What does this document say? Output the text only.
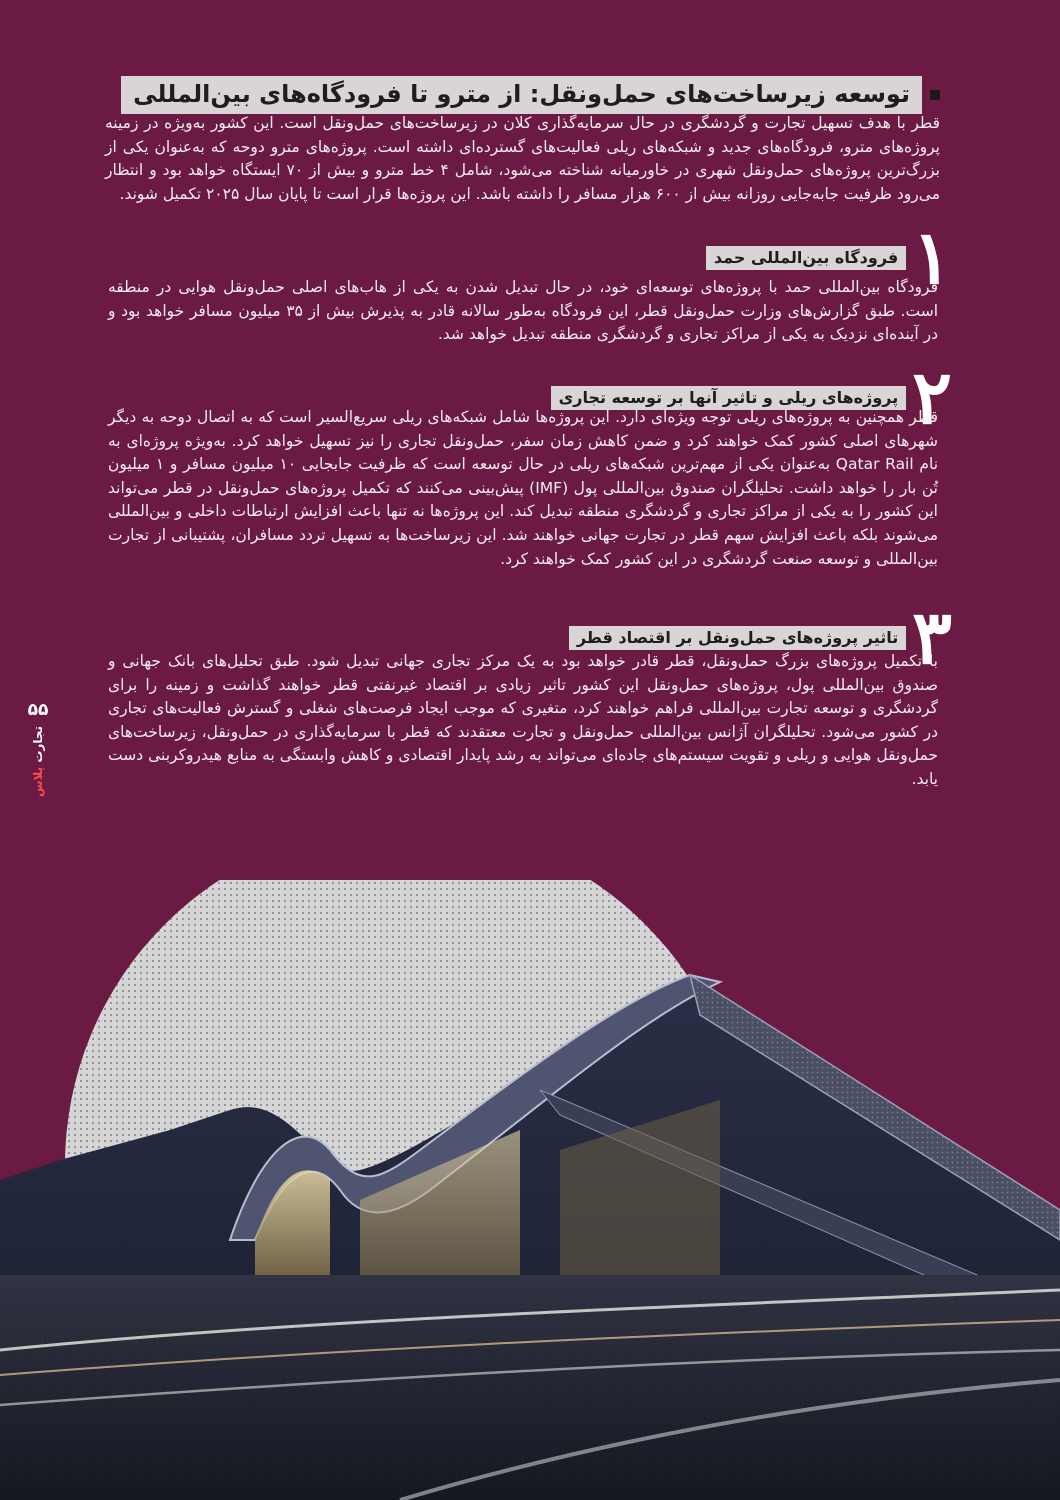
توسعه زیرساخت‌های حمل‌ونقل: از مترو تا فرودگاه‌های بین‌المللی

قطر با هدف تسهیل تجارت و گردشگری در حال سرمایه‌گذاری کلان در زیرساخت‌های حمل‌ونقل است. این کشور به‌ویژه در زمینه پروژه‌های مترو، فرودگاه‌های جدید و شبکه‌های ریلی فعالیت‌های گسترده‌ای داشته است. پروژه‌های مترو دوحه که به‌عنوان یکی از بزرگ‌ترین پروژه‌های حمل‌ونقل شهری در خاورمیانه شناخته می‌شود، شامل ۴ خط مترو و بیش از ۷۰ ایستگاه خواهد بود و انتظار می‌رود ظرفیت جابه‌جایی روزانه بیش از ۶۰۰ هزار مسافر را داشته باشد. این پروژه‌ها قرار است تا پایان سال ۲۰۲۵ تکمیل شوند.

۱
فرودگاه بین‌المللی حمد

فرودگاه بین‌المللی حمد با پروژه‌های توسعه‌ای خود، در حال تبدیل شدن به یکی از هاب‌های اصلی حمل‌ونقل هوایی در منطقه است. طبق گزارش‌های وزارت حمل‌ونقل قطر، این فرودگاه به‌طور سالانه قادر به پذیرش بیش از ۳۵ میلیون مسافر خواهد بود و در آینده‌ای نزدیک به یکی از مراکز تجاری و گردشگری منطقه تبدیل خواهد شد.

۲
پروژه‌های ریلی و تاثیر آنها بر توسعه تجاری

قطر همچنین به پروژه‌های ریلی توجه ویژه‌ای دارد. این پروژه‌ها شامل شبکه‌های ریلی سریع‌السیر است که به اتصال دوحه به دیگر شهرهای اصلی کشور کمک خواهند کرد و ضمن کاهش زمان سفر، حمل‌ونقل تجاری را نیز تسهیل خواهد کرد. به‌ویژه پروژه‌ای به نام Qatar Rail به‌عنوان یکی از مهم‌ترین شبکه‌های ریلی در حال توسعه است که ظرفیت جابجایی ۱۰ میلیون مسافر و ۱ میلیون تُن بار را خواهد داشت. تحلیلگران صندوق بین‌المللی پول (IMF) پیش‌بینی می‌کنند که تکمیل پروژه‌های حمل‌ونقل در قطر می‌تواند این کشور را به یکی از مراکز تجاری و گردشگری منطقه تبدیل کند. این پروژه‌ها نه تنها باعث افزایش ارتباطات داخلی و بین‌المللی می‌شوند بلکه باعث افزایش سهم قطر در تجارت جهانی خواهند شد. این زیرساخت‌ها به تسهیل تردد مسافران، پشتیبانی از تجارت بین‌المللی و توسعه صنعت گردشگری در این کشور کمک خواهند کرد.

۳
تاثیر پروژه‌های حمل‌ونقل بر اقتصاد قطر

با تکمیل پروژه‌های بزرگ حمل‌ونقل، قطر قادر خواهد بود به یک مرکز تجاری جهانی تبدیل شود. طبق تحلیل‌های بانک جهانی و صندوق بین‌المللی پول، پروژه‌های حمل‌ونقل این کشور تاثیر زیادی بر اقتصاد غیرنفتی قطر خواهند گذاشت و زمینه را برای گردشگری و توسعه تجارت بین‌المللی فراهم خواهند کرد، متغیری که موجب ایجاد فرصت‌های شغلی و گسترش فعالیت‌های تجاری در کشور می‌شود. تحلیلگران آژانس بین‌المللی حمل‌ونقل و تجارت معتقدند که قطر با سرمایه‌گذاری در حمل‌ونقل، زیرساخت‌های حمل‌ونقل هوایی و ریلی و تقویت سیستم‌های جاده‌ای می‌تواند به رشد پایدار اقتصادی و کاهش وابستگی به منابع هیدروکربنی دست یابد.

۵۵
تجارت پلاس
